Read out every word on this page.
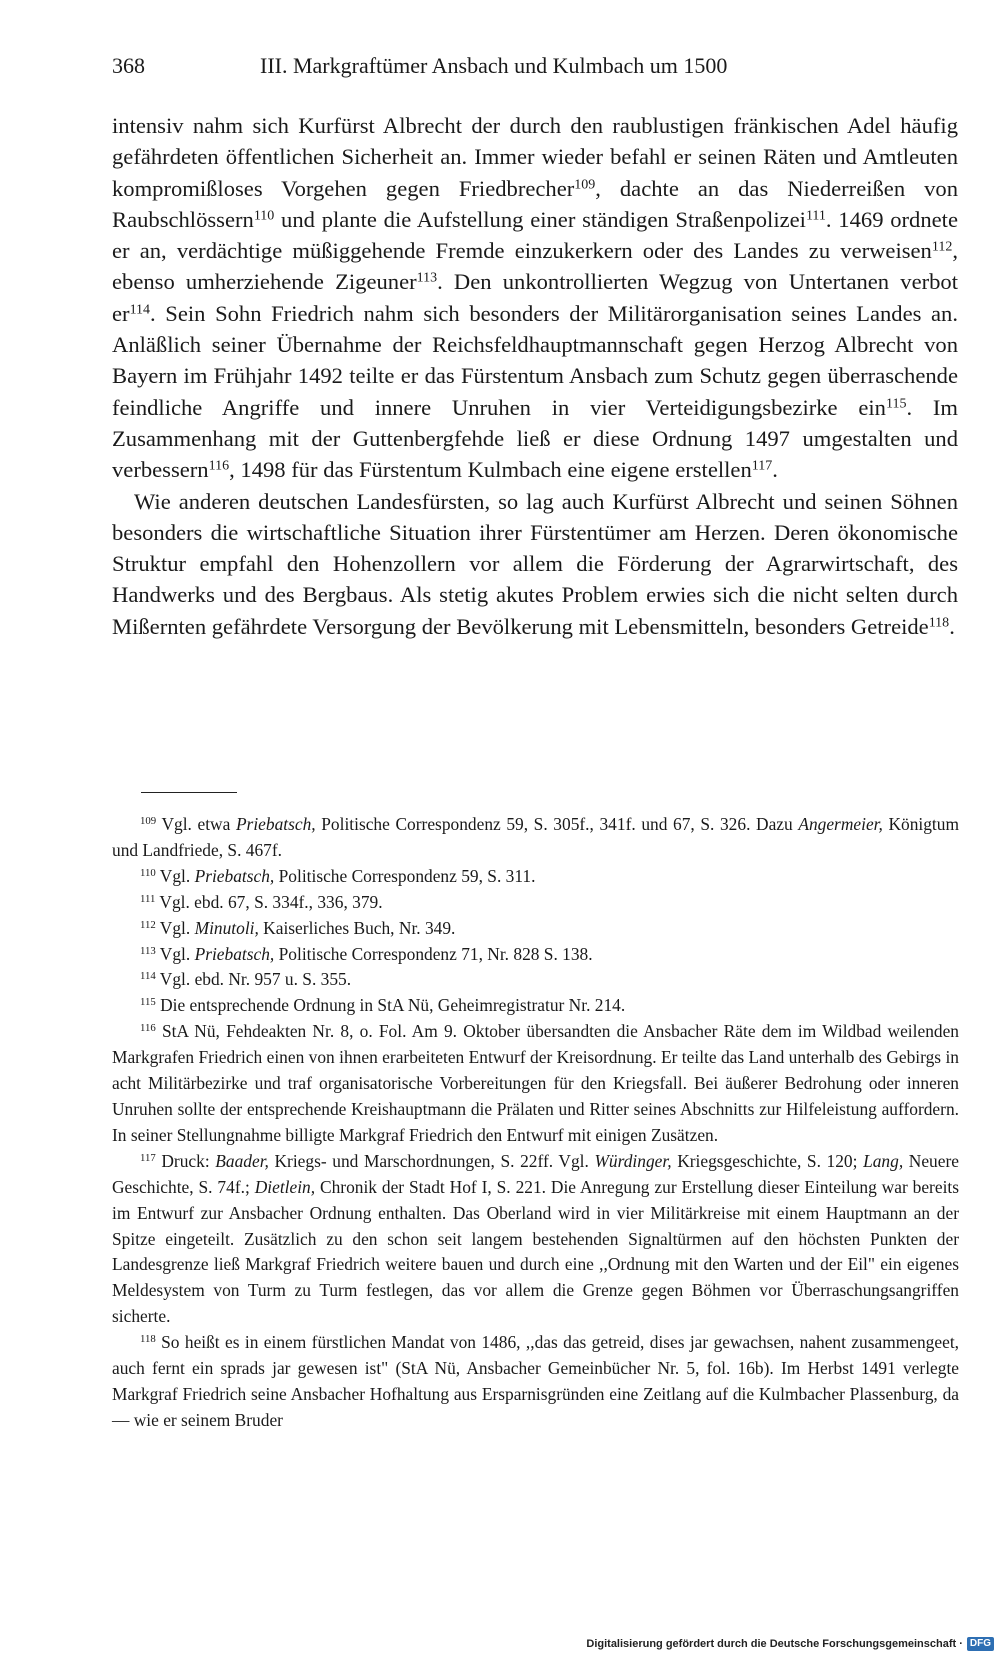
368	III. Markgraftümer Ansbach und Kulmbach um 1500

intensiv nahm sich Kurfürst Albrecht der durch den raublustigen fränkischen Adel häufig gefährdeten öffentlichen Sicherheit an. Immer wieder befahl er seinen Räten und Amtleuten kompromißloses Vorgehen gegen Friedbrecher$^{109}$, dachte an das Niederreißen von Raubschlössern$^{110}$ und plante die Aufstellung einer ständigen Straßenpolizei$^{111}$. 1469 ordnete er an, verdächtige müßiggehende Fremde einzukerkern oder des Landes zu verweisen$^{112}$, ebenso umherziehende Zigeuner$^{113}$. Den unkontrollierten Wegzug von Untertanen verbot $er^{114}$. Sein Sohn Friedrich nahm sich besonders der Militärorganisation seines Landes an. Anläßlich seiner Übernahme der Reichsfeldhauptmannschaft gegen Herzog Albrecht von Bayern im Frühjahr 1492 teilte er das Fürstentum Ansbach zum Schutz gegen überraschende feindliche Angriffe und innere Unruhen in vier Verteidigungsbezirke ein$^{115}$. Im Zusammenhang mit der Guttenbergfehde ließ er diese Ordnung 1497 umgestalten und verbessern$^{116}$, 1498 für das Fürstentum Kulmbach eine eigene erstellen$^{117}$.

Wie anderen deutschen Landesfürsten, so lag auch Kurfürst Albrecht und seinen Söhnen besonders die wirtschaftliche Situation ihrer Fürstentümer am Herzen. Deren ökonomische Struktur empfahl den Hohenzollern vor allem die Förderung der Agrarwirtschaft, des Handwerks und des Bergbaus. Als stetig akutes Problem erwies sich die nicht selten durch Mißernten gefährdete Versorgung der Bevölkerung mit Lebensmitteln, besonders Getreide$^{118}$.

$^{109}$ Vgl. etwa Priebatsch, Politische Correspondenz 59, S. 305f., 341f. und 67, S. 326. Dazu Angermeier, Königtum und Landfriede, S. 467f.

$^{110}$ Vgl. Priebatsch, Politische Correspondenz 59, S. 311.

$^{111}$ Vgl. ebd. 67, S. 334f., 336, 379.

$^{112}$ Vgl. Minutoli, Kaiserliches Buch, Nr. 349.

$^{113}$ Vgl. Priebatsch, Politische Correspondenz 71, Nr. 828 S. 138.

$^{114}$ Vgl. ebd. Nr. 957 u. S. 355.

$^{115}$ Die entsprechende Ordnung in StA Nü, Geheimregistratur Nr. 214.

$^{116}$ StA Nü, Fehdeakten Nr. 8, o. Fol. Am 9. Oktober übersandten die Ansbacher Räte dem im Wildbad weilenden Markgrafen Friedrich einen von ihnen erarbeiteten Entwurf der Kreisordnung. Er teilte das Land unterhalb des Gebirgs in acht Militärbezirke und traf organisatorische Vorbereitungen für den Kriegsfall. Bei äußerer Bedrohung oder inneren Unruhen sollte der entsprechende Kreishauptmann die Prälaten und Ritter seines Abschnitts zur Hilfeleistung auffordern. In seiner Stellungnahme billigte Markgraf Friedrich den Entwurf mit einigen Zusätzen.

$^{117}$ Druck: Baader, Kriegs- und Marschordnungen, S. 22ff. Vgl. Würdinger, Kriegsgeschichte, S. 120; Lang, Neuere Geschichte, S. 74f.; Dietlein, Chronik der Stadt Hof I, S. 221. Die Anregung zur Erstellung dieser Einteilung war bereits im Entwurf zur Ansbacher Ordnung enthalten. Das Oberland wird in vier Militärkreise mit einem Hauptmann an der Spitze eingeteilt. Zusätzlich zu den schon seit langem bestehenden Signaltürmen auf den höchsten Punkten der Landesgrenze ließ Markgraf Friedrich weitere bauen und durch eine ,,Ordnung mit den Warten und der Eil" ein eigenes Meldesystem von Turm zu Turm festlegen, das vor allem die Grenze gegen Böhmen vor Überraschungsangriffen sicherte.

$^{118}$ So heißt es in einem fürstlichen Mandat von 1486, ,,das das getreid, dises jar gewachsen, nahent zusammengeet, auch fernt ein sprads jar gewesen ist" (StA Nü, Ansbacher Gemeinbücher Nr. 5, fol. 16b). Im Herbst 1491 verlegte Markgraf Friedrich seine Ansbacher Hofhaltung aus Ersparnisgründen eine Zeitlang auf die Kulmbacher Plassenburg, da — wie er seinem Bruder

Digitalisierung gefördert durch die Deutsche Forschungsgemeinschaft · DFG
